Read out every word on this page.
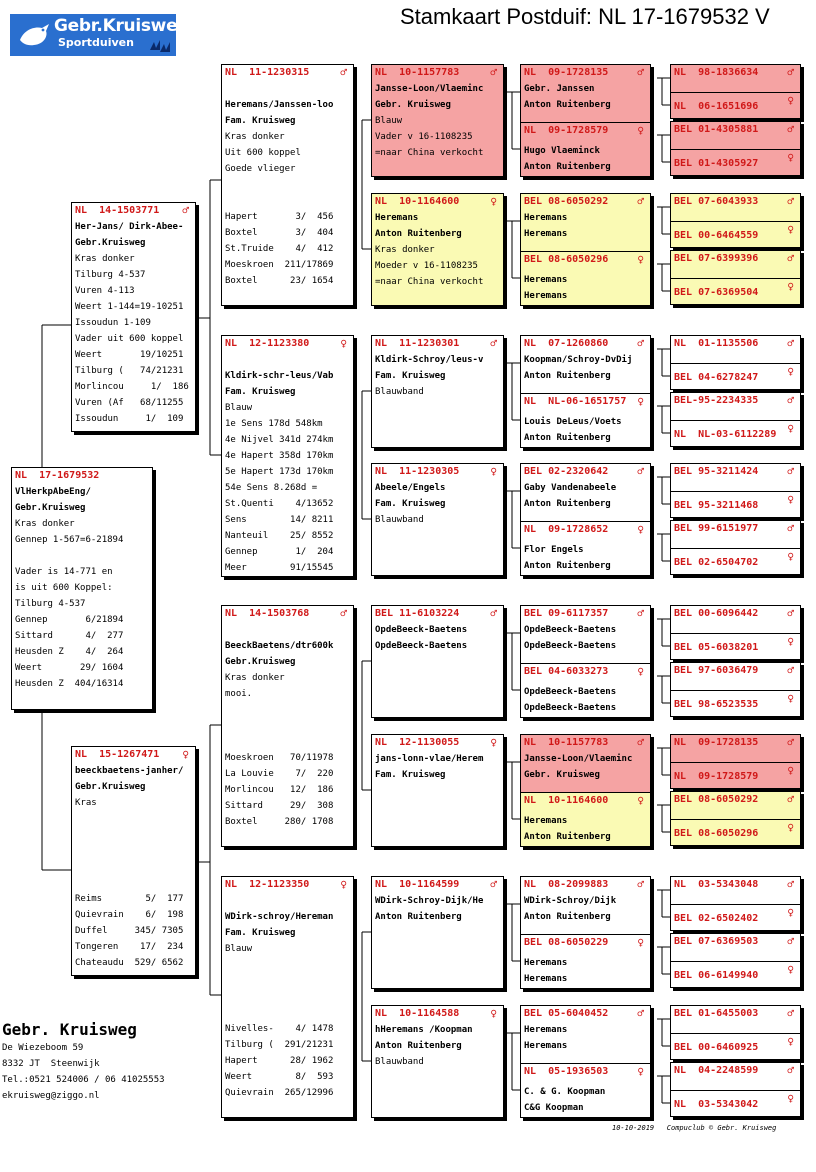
Gebr.Kruisweg
Sportduiven
Stamkaart Postduif: NL 17-1679532 V
NL  17-1679532
VlHerkpAbeEng/
Gebr.Kruisweg
Kras donker
Gennep 1-567=6-21894
Vader is 14-771 en
is uit 600 Koppel:
Tilburg 4-537
Gennep       6/21894
Sittard      4/  277
Heusden Z    4/  264
Weert       29/ 1604
Heusden Z  404/16314
NL  14-1503771 ♂
Her-Jans/ Dirk-Abee-
Gebr.Kruisweg
Kras donker
Tilburg 4-537
Vuren 4-113
Weert 1-144=19-10251
Issoudun 1-109
Vader uit 600 koppel
Weert       19/10251
Tilburg (   74/21231
Morlincou     1/  186
Vuren (Af   68/11255
Issoudun     1/  109
NL  15-1267471 ♀
beeckbaetens-janher/
Gebr.Kruisweg
Kras
Reims        5/  177
Quievrain    6/  198
Duffel     345/ 7305
Tongeren    17/  234
Chateaudu  529/ 6562
NL  11-1230315	♂
Heremans/Janssen-loo
Fam. Kruisweg
Kras donker
Uit 600 koppel
Goede vlieger
Hapert       3/  456
Boxtel       3/  404
St.Truide    4/  412
Moeskroen  211/17869
Boxtel      23/ 1654
NL  12-1123380	♀
Kldirk-schr-leus/Vab
Fam. Kruisweg
Blauw
1e Sens 178d 548km
4e Nijvel 341d 274km
4e Hapert 358d 170km
5e Hapert 173d 170km
54e Sens 8.268d =
St.Quenti    4/13652
Sens        14/ 8211
Nanteuil    25/ 8552
Gennep       1/  204
Meer        91/15545
NL  14-1503768	♂
BeeckBaetens/dtr600k
Gebr.Kruisweg
Kras donker
mooi.
Moeskroen   70/11978
La Louvie    7/  220
Morlincou   12/  186
Sittard     29/  308
Boxtel     280/ 1708
NL  12-1123350	♀
WDirk-schroy/Hereman
Fam. Kruisweg
Blauw
Nivelles-    4/ 1478
Tilburg (  291/21231
Hapert      28/ 1962
Weert        8/  593
Quievrain  265/12996
NL  10-1157783	♂
Jansse-Loon/Vlaeminc
Gebr. Kruisweg
Blauw
Vader v 16-1108235
=naar China verkocht
NL  10-1164600	♀
Heremans
Anton Ruitenberg
Kras donker
Moeder v 16-1108235
=naar China verkocht
NL  11-1230301	♂
Kldirk-Schroy/leus-v
Fam. Kruisweg
Blauwband
NL  11-1230305	♀
Abeele/Engels
Fam. Kruisweg
Blauwband
BEL 11-6103224	♂
OpdeBeeck-Baetens
OpdeBeeck-Baetens
NL  12-1130055	♀
jans-lonn-vlae/Herem
Fam. Kruisweg
NL  10-1164599	♂
WDirk-Schroy-Dijk/He
Anton Ruitenberg
NL  10-1164588	♀
hHeremans /Koopman
Anton Ruitenberg
Blauwband
NL  09-1728135	♂
Gebr. Janssen
Anton Ruitenberg
NL  09-1728579	♀
Hugo Vlaeminck
Anton Ruitenberg
BEL 08-6050292	♂
Heremans
Heremans
BEL 08-6050296	♀
Heremans
Heremans
NL  07-1260860	♂
Koopman/Schroy-DvDij
Anton Ruitenberg
NL  NL-06-1651757 ♀
Louis DeLeus/Voets
Anton Ruitenberg
BEL 02-2320642	♂
Gaby Vandenabeele
Anton Ruitenberg
NL  09-1728652	♀
Flor Engels
Anton Ruitenberg
BEL 09-6117357	♂
OpdeBeeck-Baetens
OpdeBeeck-Baetens
BEL 04-6033273	♀
OpdeBeeck-Baetens
OpdeBeeck-Baetens
NL  10-1157783	♂
Jansse-Loon/Vlaeminc
Gebr. Kruisweg
NL  10-1164600	♀
Heremans
Anton Ruitenberg
NL  08-2099883	♂
WDirk-Schroy/Dijk
Anton Ruitenberg
BEL 08-6050229	♀
Heremans
Heremans
BEL 05-6040452	♂
Heremans
Heremans
NL  05-1936503	♀
C. & G. Koopman
C&G Koopman
NL  98-1836634	♂
NL  06-1651696	♀
BEL 01-4305881	♂
BEL 01-4305927	♀
BEL 07-6043933	♂
BEL 00-6464559	♀
BEL 07-6399396	♂
BEL 07-6369504	♀
NL  01-1135506	♂
BEL 04-6278247	♀
BEL-95-2234335	♂
NL  NL-03-6112289 ♀
BEL 95-3211424	♂
BEL 95-3211468	♀
BEL 99-6151977	♂
BEL 02-6504702	♀
BEL 00-6096442	♂
BEL 05-6038201	♀
BEL 97-6036479	♂
BEL 98-6523535	♀
NL  09-1728135	♂
NL  09-1728579	♀
BEL 08-6050292	♂
BEL 08-6050296	♀
NL  03-5343048	♂
BEL 02-6502402	♀
BEL 07-6369503	♂
BEL 06-6149940	♀
BEL 01-6455003	♂
BEL 00-6460925	♀
NL  04-2248599	♂
NL  03-5343042	♀
Gebr. Kruisweg
De Wiezeboom 59
8332 JT  Steenwijk
Tel.:0521 524006 / 06 41025553
ekruisweg@ziggo.nl
10-10-2019   Compuclub © Gebr. Kruisweg
